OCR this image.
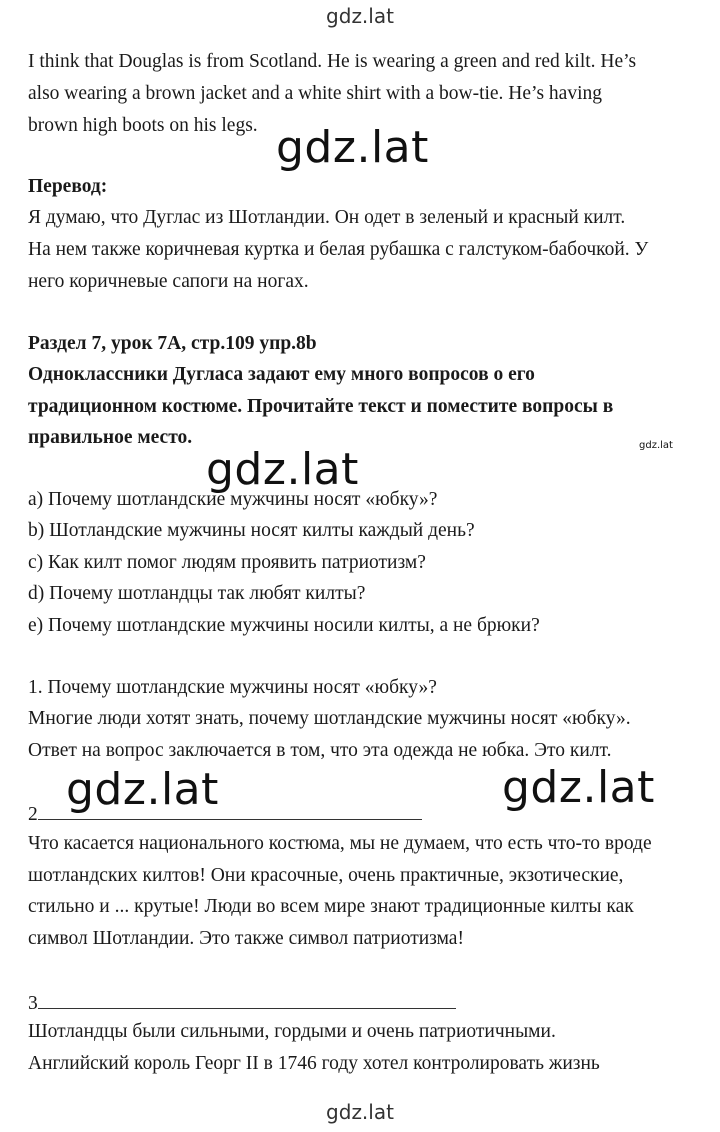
gdz.lat
gdz.lat
gdz.lat
gdz.lat	gdz.lat
gdz.lat
I think that Douglas is from Scotland. He is wearing a green and red kilt. He’s
also wearing a brown jacket and a white shirt with a bow-tie. He’s having
brown high boots on his legs.
Перевод:
Я думаю, что Дуглас из Шотландии. Он одет в зеленый и красный килт.
На нем также коричневая куртка и белая рубашка с галстуком-бабочкой. У
него коричневые сапоги на ногах.
Раздел 7, урок 7А, стр.109 упр.8b
Одноклассники Дугласа задают ему много вопросов о его
традиционном костюме. Прочитайте текст и поместите вопросы в
правильное место.
a) Почему шотландские мужчины носят «юбку»?
b) Шотландские мужчины носят килты каждый день?
c) Как килт помог людям проявить патриотизм?
d) Почему шотландцы так любят килты?
e) Почему шотландские мужчины носили килты, а не брюки?
1. Почему шотландские мужчины носят «юбку»?
Многие люди хотят знать, почему шотландские мужчины носят «юбку».
Ответ на вопрос заключается в том, что эта одежда не юбка. Это килт.
2
Что касается национального костюма, мы не думаем, что есть что-то вроде
шотландских килтов! Они красочные, очень практичные, экзотические,
стильно и ... крутые! Люди во всем мире знают традиционные килты как
символ Шотландии. Это также символ патриотизма!
3
Шотландцы были сильными, гордыми и очень патриотичными.
Английский король Георг II в 1746 году хотел контролировать жизнь
gdz.lat
